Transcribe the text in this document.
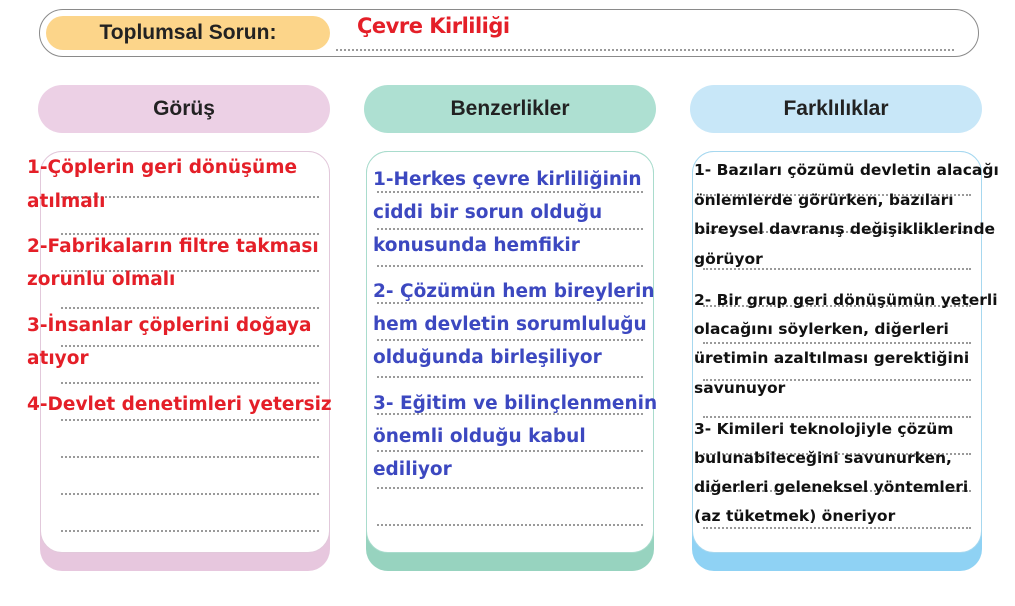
Toplumsal Sorun:	Çevre Kirliliği
Görüş
1-Çöplerin geri dönüşüme
atılmalı
2-Fabrikaların filtre takması
zorunlu olmalı
3-İnsanlar çöplerini doğaya
atıyor
4-Devlet denetimleri yetersiz
Benzerlikler
1-Herkes çevre kirliliğinin
ciddi bir sorun olduğu
konusunda hemfikir
2- Çözümün hem bireylerin
hem devletin sorumluluğu
olduğunda birleşiliyor
3- Eğitim ve bilinçlenmenin
önemli olduğu kabul
ediliyor
Farklılıklar
1- Bazıları çözümü devletin alacağı
önlemlerde görürken, bazıları
bireysel davranış değişikliklerinde
görüyor
2- Bir grup geri dönüşümün yeterli
olacağını söylerken, diğerleri
üretimin azaltılması gerektiğini
savunuyor
3- Kimileri teknolojiyle çözüm
bulunabileceğini savunurken,
diğerleri geleneksel yöntemleri
(az tüketmek) öneriyor
